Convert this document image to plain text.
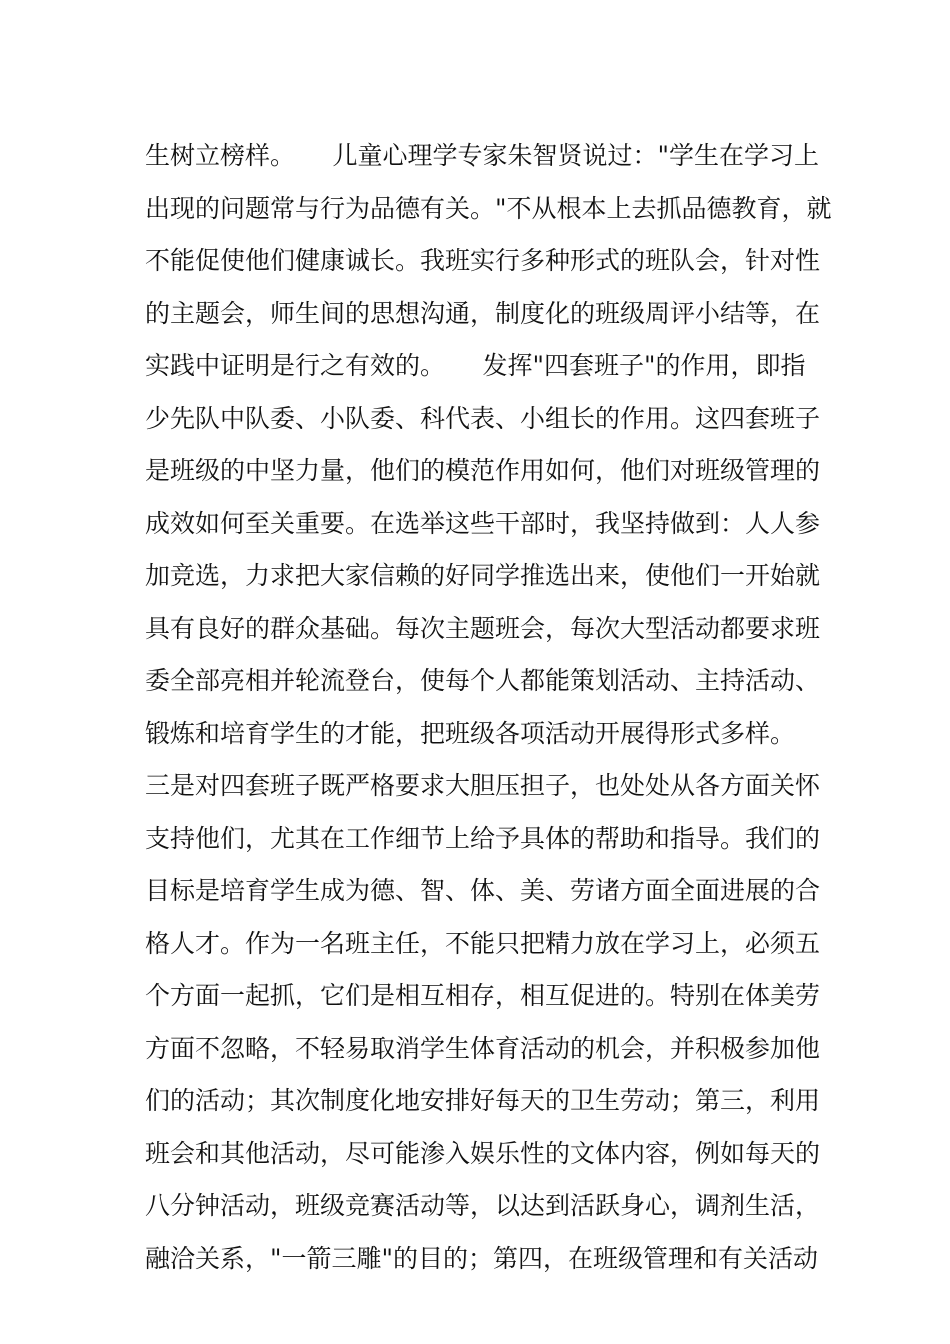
生树立榜样。　　儿童心理学专家朱智贤说过："学生在学习上
出现的问题常与行为品德有关。"不从根本上去抓品德教育，就
不能促使他们健康诚长。我班实行多种形式的班队会，针对性
的主题会，师生间的思想沟通，制度化的班级周评小结等，在
实践中证明是行之有效的。　　发挥"四套班子"的作用，即指
少先队中队委、小队委、科代表、小组长的作用。这四套班子
是班级的中坚力量，他们的模范作用如何，他们对班级管理的
成效如何至关重要。在选举这些干部时，我坚持做到：人人参
加竞选，力求把大家信赖的好同学推选出来，使他们一开始就
具有良好的群众基础。每次主题班会，每次大型活动都要求班
委全部亮相并轮流登台，使每个人都能策划活动、主持活动、
锻炼和培育学生的才能，把班级各项活动开展得形式多样。
三是对四套班子既严格要求大胆压担子，也处处从各方面关怀
支持他们，尤其在工作细节上给予具体的帮助和指导。我们的
目标是培育学生成为德、智、体、美、劳诸方面全面进展的合
格人才。作为一名班主任，不能只把精力放在学习上，必须五
个方面一起抓，它们是相互相存，相互促进的。特别在体美劳
方面不忽略，不轻易取消学生体育活动的机会，并积极参加他
们的活动；其次制度化地安排好每天的卫生劳动；第三，利用
班会和其他活动，尽可能渗入娱乐性的文体内容，例如每天的
八分钟活动，班级竞赛活动等，以达到活跃身心，调剂生活，
融洽关系，"一箭三雕"的目的；第四，在班级管理和有关活动
